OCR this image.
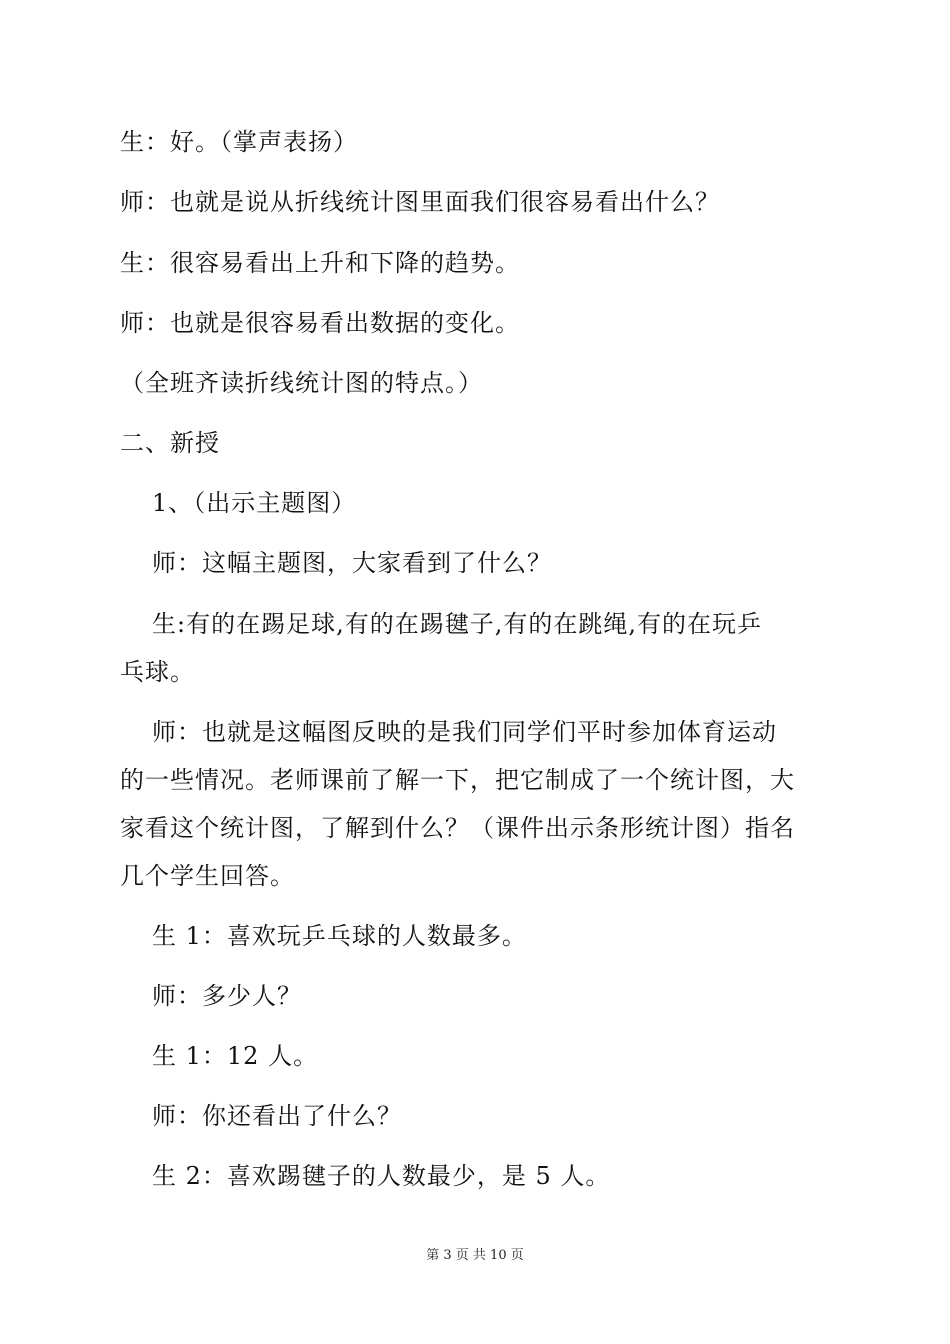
生：好。（掌声表扬）
师：也就是说从折线统计图里面我们很容易看出什么？
生：很容易看出上升和下降的趋势。
师：也就是很容易看出数据的变化。
（全班齐读折线统计图的特点。）
二、新授
1、（出示主题图）
师：这幅主题图，大家看到了什么？
生:有的在踢足球,有的在踢毽子,有的在跳绳,有的在玩乒
乓球。
师：也就是这幅图反映的是我们同学们平时参加体育运动
的一些情况。老师课前了解一下，把它制成了一个统计图，大
家看这个统计图，了解到什么？（课件出示条形统计图）指名
几个学生回答。
生 1：喜欢玩乒乓球的人数最多。
师：多少人？
生 1：12 人。
师：你还看出了什么？
生 2：喜欢踢毽子的人数最少，是 5 人。
第 3 页 共 10 页
